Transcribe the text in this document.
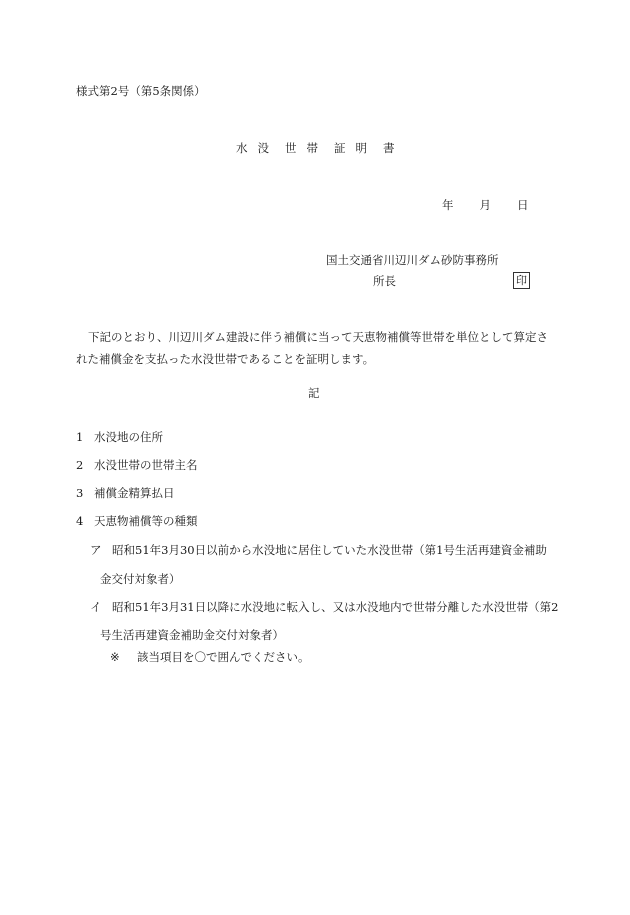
様式第2号（第5条関係）
水 没 世 帯 証 明 書
年 月 日
国土交通省川辺川ダム砂防事務所
所長	印
下記のとおり、川辺川ダム建設に伴う補償に当って天恵物補償等世帯を単位として算定された補償金を支払った水没世帯であることを証明します。
記
1 水没地の住所
2 水没世帯の世帯主名
3 補償金精算払日
4 天恵物補償等の種類
ア 昭和51年3月30日以前から水没地に居住していた水没世帯（第1号生活再建資金補助
金交付対象者）
イ 昭和51年3月31日以降に水没地に転入し、又は水没地内で世帯分離した水没世帯（第2
号生活再建資金補助金交付対象者）
※ 該当項目を〇で囲んでください。
